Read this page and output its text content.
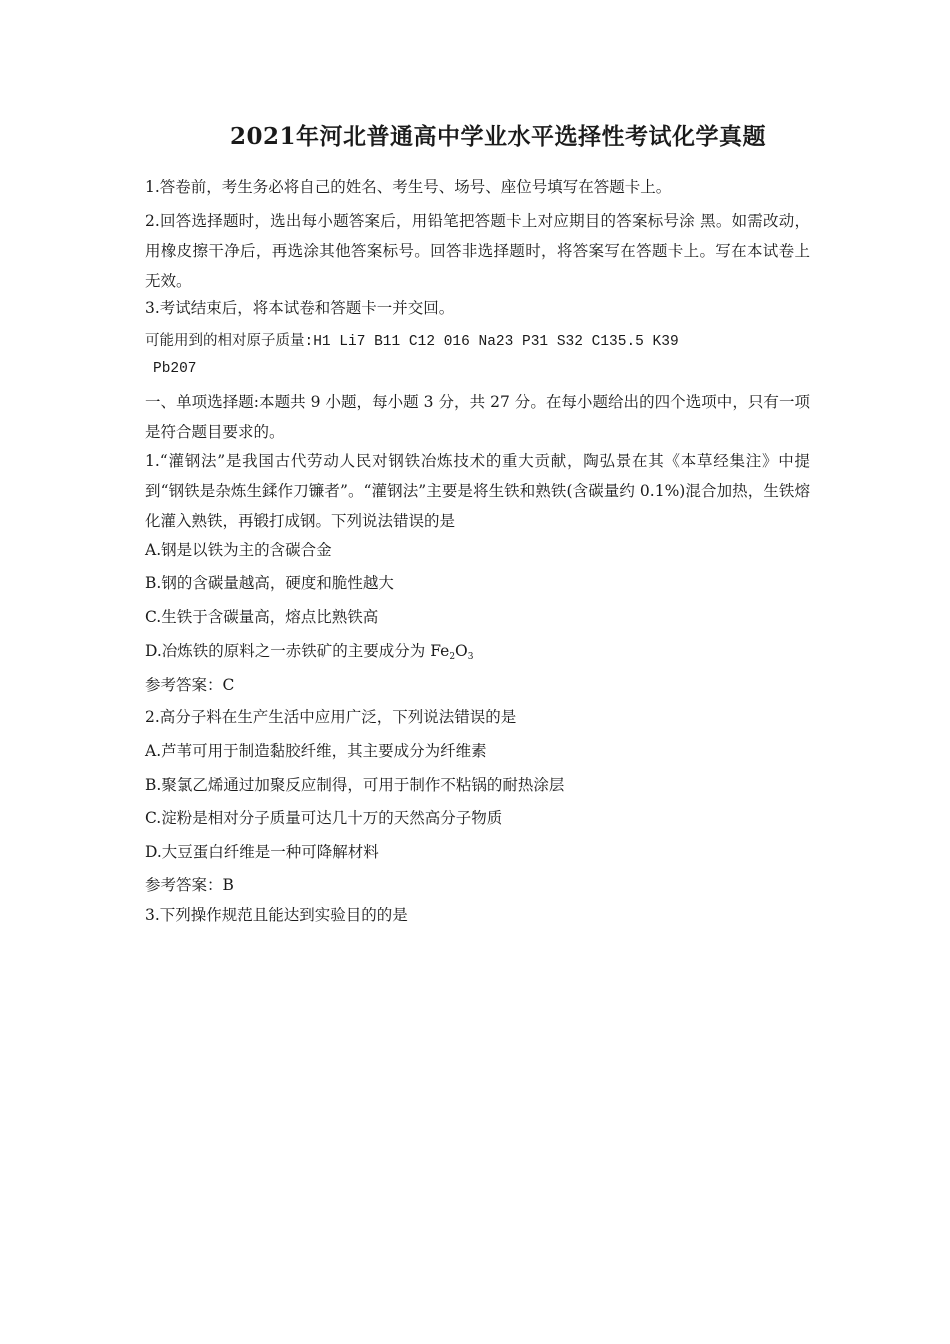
2021年河北普通高中学业水平选择性考试化学真题
1.答卷前，考生务必将自己的姓名、考生号、场号、座位号填写在答题卡上。
2.回答选择题时，选出每小题答案后，用铅笔把答题卡上对应期目的答案标号涂 黑。如需改动，用橡皮擦干净后，再选涂其他答案标号。回答非选择题时，将答案写在答题卡上。写在本试卷上无效。
3.考试结束后，将本试卷和答题卡一并交回。
可能用到的相对原子质量:H1 Li7 B11 C12 016 Na23 P31 S32 C135.5 K39
Pb207
一、单项选择题:本题共 9 小题，每小题 3 分，共 27 分。在每小题给出的四个选项中，只有一项是符合题目要求的。
1.“灌钢法”是我国古代劳动人民对钢铁冶炼技术的重大贡献，陶弘景在其《本草经集注》中提到“钢铁是杂炼生鍒作刀镰者”。“灌钢法”主要是将生铁和熟铁(含碳量约 0.1%)混合加热，生铁熔化灌入熟铁，再锻打成钢。下列说法错误的是
A.钢是以铁为主的含碳合金
B.钢的含碳量越高，硬度和脆性越大
C.生铁于含碳量高，熔点比熟铁高
D.冶炼铁的原料之一赤铁矿的主要成分为 $Fe_2O_3$
参考答案：C
2.高分子料在生产生活中应用广泛，下列说法错误的是
A.芦苇可用于制造黏胶纤维，其主要成分为纤维素
B.聚氯乙烯通过加聚反应制得，可用于制作不粘锅的耐热涂层
C.淀粉是相对分子质量可达几十万的天然高分子物质
D.大豆蛋白纤维是一种可降解材料
参考答案：B
3.下列操作规范且能达到实验目的的是
